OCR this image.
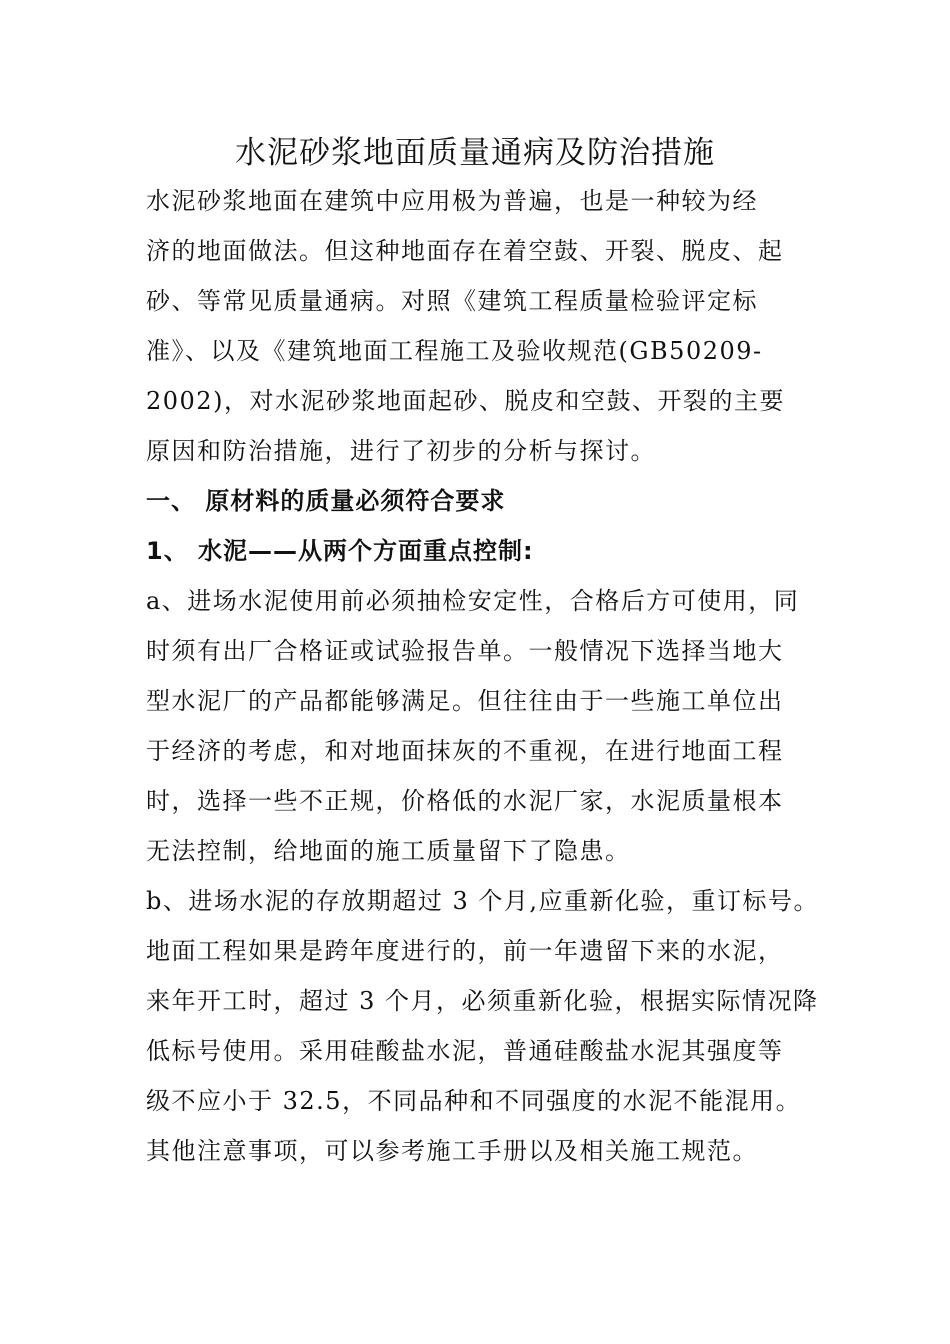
水泥砂浆地面质量通病及防治措施
水泥砂浆地面在建筑中应用极为普遍，也是一种较为经
济的地面做法。但这种地面存在着空鼓、开裂、脱皮、起
砂、等常见质量通病。对照《建筑工程质量检验评定标
准》、以及《建筑地面工程施工及验收规范(GB50209-
2002)，对水泥砂浆地面起砂、脱皮和空鼓、开裂的主要
原因和防治措施，进行了初步的分析与探讨。
一、 原材料的质量必须符合要求
1、 水泥——从两个方面重点控制:
a、进场水泥使用前必须抽检安定性，合格后方可使用，同
时须有出厂合格证或试验报告单。一般情况下选择当地大
型水泥厂的产品都能够满足。但往往由于一些施工单位出
于经济的考虑，和对地面抹灰的不重视，在进行地面工程
时，选择一些不正规，价格低的水泥厂家，水泥质量根本
无法控制，给地面的施工质量留下了隐患。
b、进场水泥的存放期超过 3 个月,应重新化验，重订标号。
地面工程如果是跨年度进行的，前一年遗留下来的水泥，
来年开工时，超过 3 个月，必须重新化验，根据实际情况降
低标号使用。采用硅酸盐水泥，普通硅酸盐水泥其强度等
级不应小于 32.5，不同品种和不同强度的水泥不能混用。
其他注意事项，可以参考施工手册以及相关施工规范。
